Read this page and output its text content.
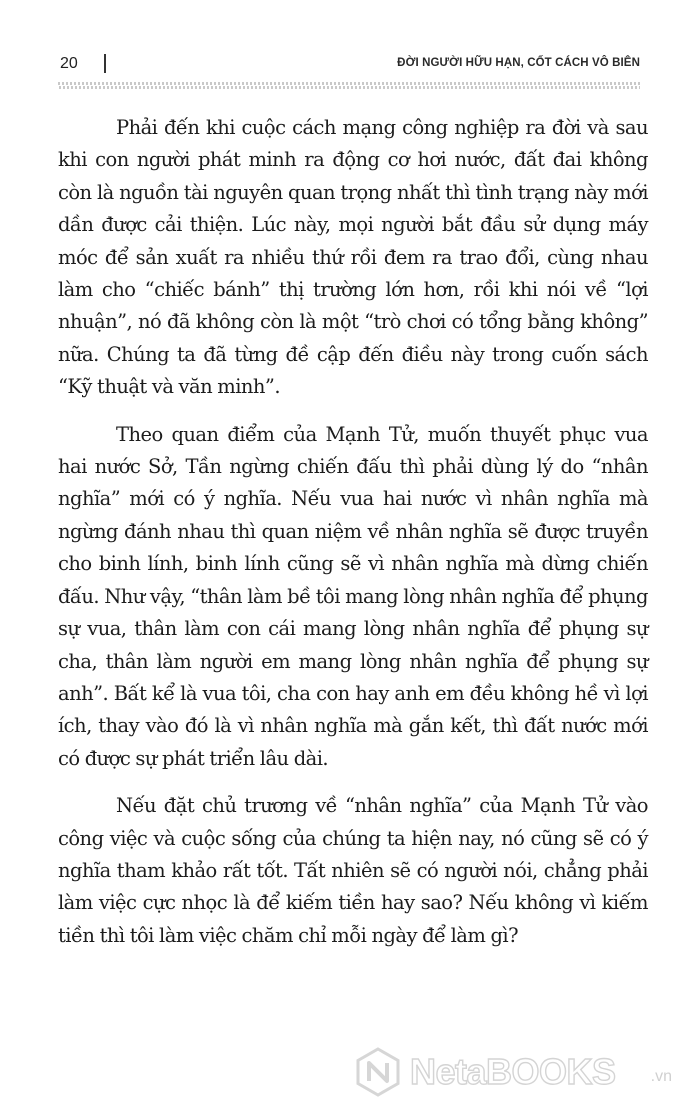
20	ĐỜI NGƯỜI HỮU HẠN, CỐT CÁCH VÔ BIÊN

Phải đến khi cuộc cách mạng công nghiệp ra đời và sau khi con người phát minh ra động cơ hơi nước, đất đai không còn là nguồn tài nguyên quan trọng nhất thì tình trạng này mới dần được cải thiện. Lúc này, mọi người bắt đầu sử dụng máy móc để sản xuất ra nhiều thứ rồi đem ra trao đổi, cùng nhau làm cho “chiếc bánh” thị trường lớn hơn, rồi khi nói về “lợi nhuận”, nó đã không còn là một “trò chơi có tổng bằng không” nữa. Chúng ta đã từng đề cập đến điều này trong cuốn sách “Kỹ thuật và văn minh”.

Theo quan điểm của Mạnh Tử, muốn thuyết phục vua hai nước Sở, Tần ngừng chiến đấu thì phải dùng lý do “nhân nghĩa” mới có ý nghĩa. Nếu vua hai nước vì nhân nghĩa mà ngừng đánh nhau thì quan niệm về nhân nghĩa sẽ được truyền cho binh lính, binh lính cũng sẽ vì nhân nghĩa mà dừng chiến đấu. Như vậy, “thân làm bề tôi mang lòng nhân nghĩa để phụng sự vua, thân làm con cái mang lòng nhân nghĩa để phụng sự cha, thân làm người em mang lòng nhân nghĩa để phụng sự anh”. Bất kể là vua tôi, cha con hay anh em đều không hề vì lợi ích, thay vào đó là vì nhân nghĩa mà gắn kết, thì đất nước mới có được sự phát triển lâu dài.

Nếu đặt chủ trương về “nhân nghĩa” của Mạnh Tử vào công việc và cuộc sống của chúng ta hiện nay, nó cũng sẽ có ý nghĩa tham khảo rất tốt. Tất nhiên sẽ có người nói, chẳng phải làm việc cực nhọc là để kiếm tiền hay sao? Nếu không vì kiếm tiền thì tôi làm việc chăm chỉ mỗi ngày để làm gì?

NetaBOOKS .vn
